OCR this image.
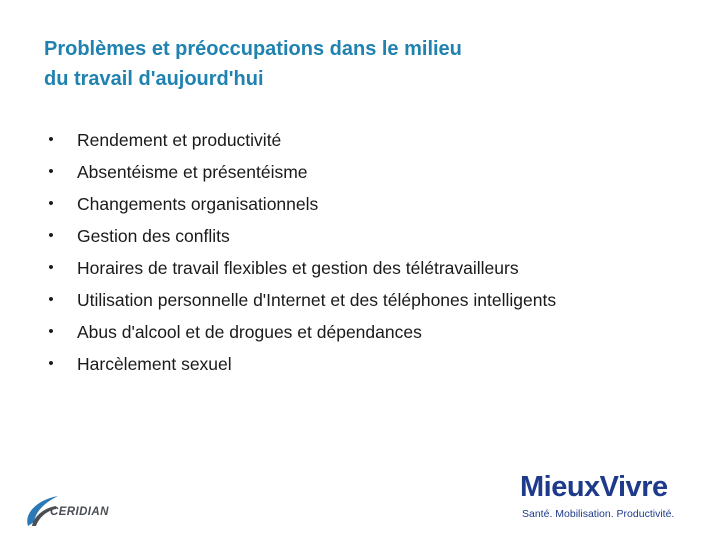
Problèmes et préoccupations dans le milieu
du travail d'aujourd'hui
• Rendement et productivité
• Absentéisme et présentéisme
• Changements organisationnels
• Gestion des conflits
• Horaires de travail flexibles et gestion des télétravailleurs
• Utilisation personnelle d'Internet et des téléphones intelligents
• Abus d'alcool et de drogues et dépendances
• Harcèlement sexuel
CERIDIAN
MieuxVivre
Santé. Mobilisation. Productivité.
